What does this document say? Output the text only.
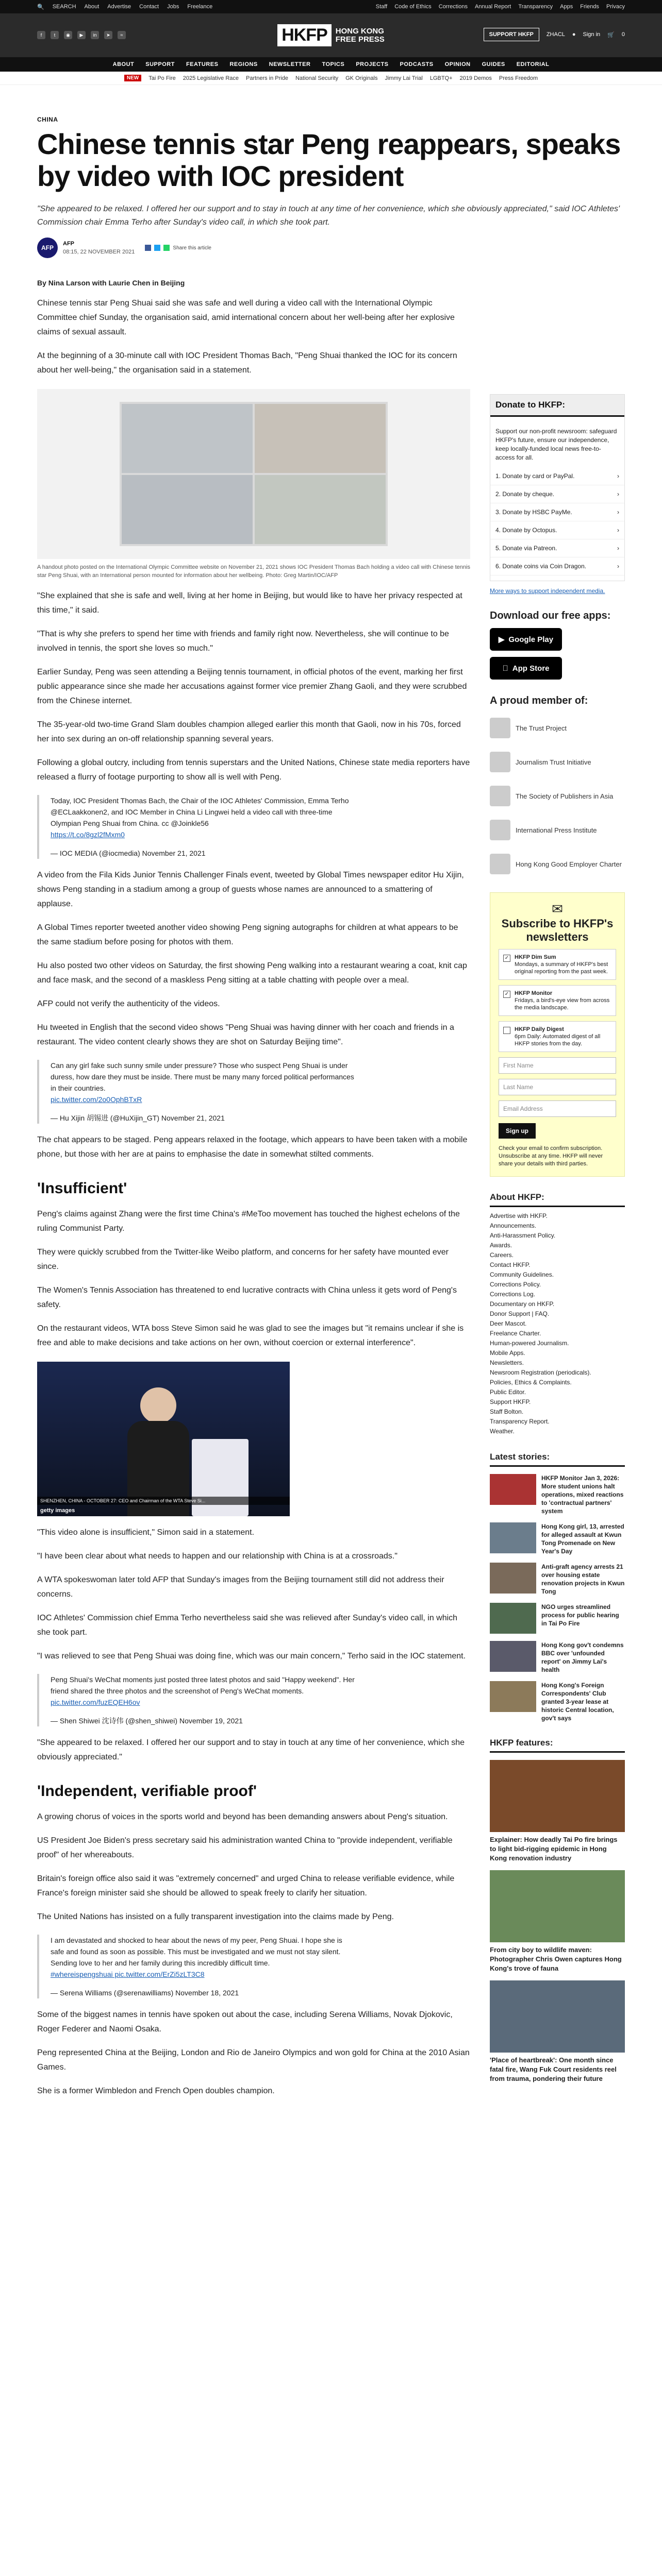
🔍 SEARCH About Advertise Contact Jobs Freelance	Staff Code of Ethics Corrections Annual Report Transparency Apps Friends Privacy
f	t	◉	▶	in	➤	≈	HKFP	HONG KONG
FREE PRESS
SUPPORT HKFP	ZHACL ● Sign in 🛒 0
ABOUT SUPPORT FEATURES REGIONS NEWSLETTER TOPICS PROJECTS PODCASTS OPINION GUIDES EDITORIAL
NEW	Tai Po Fire 2025 Legislative Race Partners in Pride National Security GK Originals Jimmy Lai Trial LGBTQ+ 2019 Demos Press Freedom
CHINA
Chinese tennis star Peng reappears, speaks by video with IOC president

"She appeared to be relaxed. I offered her our support and to stay in touch at any time of her convenience, which she obviously appreciated," said IOC Athletes' Commission chair Emma Terho after Sunday's video call, in which she took part.

AFP
AFP
08:15, 22 NOVEMBER 2021
Share this article
By Nina Larson with Laurie Chen in Beijing

Chinese tennis star Peng Shuai said she was safe and well during a video call with the International Olympic Committee chief Sunday, the organisation said, amid international concern about her well-being after her explosive claims of sexual assault.

At the beginning of a 30-minute call with IOC President Thomas Bach, "Peng Shuai thanked the IOC for its concern about her well-being," the organisation said in a statement.

A handout photo posted on the International Olympic Committee website on November 21, 2021 shows IOC President Thomas Bach holding a video call with Chinese tennis star Peng Shuai, with an International person mounted for information about her wellbeing. Photo: Greg Martin/IOC/AFP

"She explained that she is safe and well, living at her home in Beijing, but would like to have her privacy respected at this time," it said.

"That is why she prefers to spend her time with friends and family right now. Nevertheless, she will continue to be involved in tennis, the sport she loves so much."

Earlier Sunday, Peng was seen attending a Beijing tennis tournament, in official photos of the event, marking her first public appearance since she made her accusations against former vice premier Zhang Gaoli, and they were scrubbed from the Chinese internet.

The 35-year-old two-time Grand Slam doubles champion alleged earlier this month that Gaoli, now in his 70s, forced her into sex during an on-off relationship spanning several years.

Following a global outcry, including from tennis superstars and the United Nations, Chinese state media reporters have released a flurry of footage purporting to show all is well with Peng.

Today, IOC President Thomas Bach, the Chair of the IOC Athletes' Commission, Emma Terho @ECLaakkonen2, and IOC Member in China Li Lingwei held a video call with three-time Olympian Peng Shuai from China. cc @Joinkle56

https://t.co/8gzl2fMxm0

— IOC MEDIA (@iocmedia) November 21, 2021

A video from the Fila Kids Junior Tennis Challenger Finals event, tweeted by Global Times newspaper editor Hu Xijin, shows Peng standing in a stadium among a group of guests whose names are announced to a smattering of applause.

A Global Times reporter tweeted another video showing Peng signing autographs for children at what appears to be the same stadium before posing for photos with them.

Hu also posted two other videos on Saturday, the first showing Peng walking into a restaurant wearing a coat, knit cap and face mask, and the second of a maskless Peng sitting at a table chatting with people over a meal.

AFP could not verify the authenticity of the videos.

Hu tweeted in English that the second video shows "Peng Shuai was having dinner with her coach and friends in a restaurant. The video content clearly shows they are shot on Saturday Beijing time".

Can any girl fake such sunny smile under pressure? Those who suspect Peng Shuai is under duress, how dare they must be inside. There must be many many forced political performances in their countries.

pic.twitter.com/2o0OphBTxR

— Hu Xijin 胡锡进 (@HuXijin_GT) November 21, 2021

The chat appears to be staged. Peng appears relaxed in the footage, which appears to have been taken with a mobile phone, but those with her are at pains to emphasise the date in somewhat stilted comments.

'Insufficient'

Peng's claims against Zhang were the first time China's #MeToo movement has touched the highest echelons of the ruling Communist Party.

They were quickly scrubbed from the Twitter-like Weibo platform, and concerns for her safety have mounted ever since.

The Women's Tennis Association has threatened to end lucrative contracts with China unless it gets word of Peng's safety.

On the restaurant videos, WTA boss Steve Simon said he was glad to see the images but "it remains unclear if she is free and able to make decisions and take actions on her own, without coercion or external interference".

SHENZHEN, CHINA - OCTOBER 27: CEO and Chairman of the WTA Steve Si...
getty images

"This video alone is insufficient," Simon said in a statement.

"I have been clear about what needs to happen and our relationship with China is at a crossroads."

A WTA spokeswoman later told AFP that Sunday's images from the Beijing tournament still did not address their concerns.

IOC Athletes' Commission chief Emma Terho nevertheless said she was relieved after Sunday's video call, in which she took part.

"I was relieved to see that Peng Shuai was doing fine, which was our main concern," Terho said in the IOC statement.

Peng Shuai's WeChat moments just posted three latest photos and said "Happy weekend". Her friend shared the three photos and the screenshot of Peng's WeChat moments.

pic.twitter.com/fuzEQEH6ov

— Shen Shiwei 沈诗伟 (@shen_shiwei) November 19, 2021

"She appeared to be relaxed. I offered her our support and to stay in touch at any time of her convenience, which she obviously appreciated."

'Independent, verifiable proof'

A growing chorus of voices in the sports world and beyond has been demanding answers about Peng's situation.

US President Joe Biden's press secretary said his administration wanted China to "provide independent, verifiable proof" of her whereabouts.

Britain's foreign office also said it was "extremely concerned" and urged China to release verifiable evidence, while France's foreign minister said she should be allowed to speak freely to clarify her situation.

The United Nations has insisted on a fully transparent investigation into the claims made by Peng.

I am devastated and shocked to hear about the news of my peer, Peng Shuai. I hope she is safe and found as soon as possible. This must be investigated and we must not stay silent. Sending love to her and her family during this incredibly difficult time.

#whereispengshuai pic.twitter.com/ErZi5zLT3C8

— Serena Williams (@serenawilliams) November 18, 2021

Some of the biggest names in tennis have spoken out about the case, including Serena Williams, Novak Djokovic, Roger Federer and Naomi Osaka.

Peng represented China at the Beijing, London and Rio de Janeiro Olympics and won gold for China at the 2010 Asian Games.

She is a former Wimbledon and French Open doubles champion.

Donate to HKFP:
Support our non-profit newsroom: safeguard HKFP's future, ensure our independence, keep locally-funded local news free-to-access for all.
1. Donate by card or PayPal.	›
2. Donate by cheque.	›
3. Donate by HSBC PayMe.	›
4. Donate by Octopus.	›
5. Donate via Patreon.	›
6. Donate coins via Coin Dragon.	›
More ways to support independent media.
Download our free apps:
▶ Google Play
App Store
A proud member of:
The Trust Project
Journalism Trust Initiative
The Society of Publishers in Asia
International Press Institute
Hong Kong Good Employer Charter
✉
Subscribe to HKFP's newsletters
✓ HKFP Dim Sum
Mondays, a summary of HKFP's best original reporting from the past week.
✓ HKFP Monitor
Fridays, a bird's-eye view from across the media landscape.
HKFP Daily Digest
6pm Daily: Automated digest of all HKFP stories from the day.
First Name
Last Name
Email Address
Sign up
Check your email to confirm subscription. Unsubscribe at any time. HKFP will never share your details with third parties.
About HKFP:
Advertise with HKFP.
Announcements.
Anti-Harassment Policy.
Awards.
Careers.
Contact HKFP.
Community Guidelines.
Corrections Policy.
Corrections Log.
Documentary on HKFP.
Donor Support | FAQ.
Deer Mascot.
Freelance Charter.
Human-powered Journalism.
Mobile Apps.
Newsletters.
Newsroom Registration (periodicals).
Policies, Ethics & Complaints.
Public Editor.
Support HKFP.
Staff Bolton.
Transparency Report.
Weather.
Latest stories:
HKFP Monitor Jan 3, 2026: More student unions halt operations, mixed reactions to 'contractual partners' system
Hong Kong girl, 13, arrested for alleged assault at Kwun Tong Promenade on New Year's Day
Anti-graft agency arrests 21 over housing estate renovation projects in Kwun Tong
NGO urges streamlined process for public hearing in Tai Po Fire
Hong Kong gov't condemns BBC over 'unfounded report' on Jimmy Lai's health
Hong Kong's Foreign Correspondents' Club granted 3-year lease at historic Central location, gov't says
HKFP features:
Explainer: How deadly Tai Po fire brings to light bid-rigging epidemic in Hong Kong renovation industry
From city boy to wildlife maven: Photographer Chris Owen captures Hong Kong's trove of fauna
'Place of heartbreak': One month since fatal fire, Wang Fuk Court residents reel from trauma, pondering their future
